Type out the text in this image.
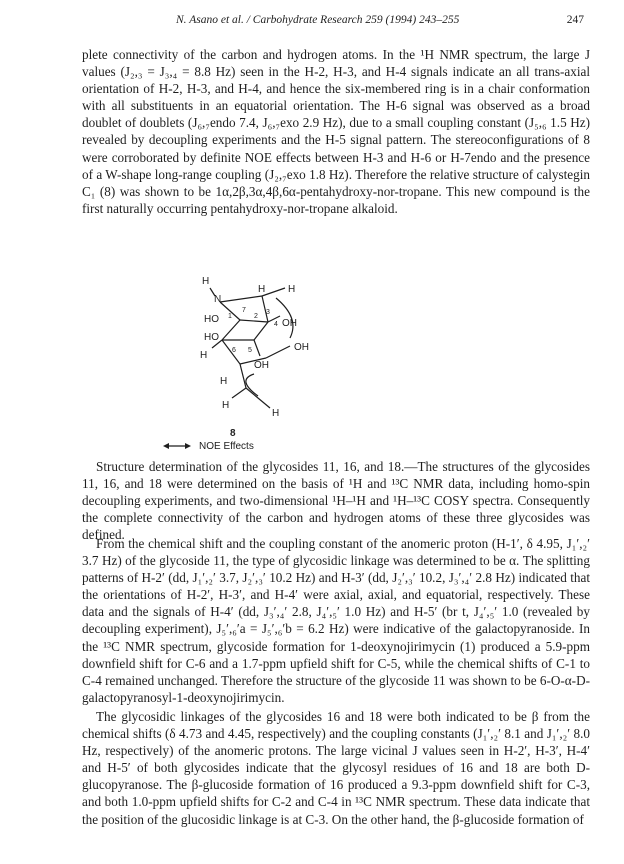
N. Asano et al. / Carbohydrate Research 259 (1994) 243–255	247

plete connectivity of the carbon and hydrogen atoms. In the ¹H NMR spectrum, the large J values (J₂,₃ = J₃,₄ = 8.8 Hz) seen in the H-2, H-3, and H-4 signals indicate an all trans-axial orientation of H-2, H-3, and H-4, and hence the six-membered ring is in a chair conformation with all substituents in an equatorial orientation. The H-6 signal was observed as a broad doublet of doublets (J₆,₇endo 7.4, J₆,₇exo 2.9 Hz), due to a small coupling constant (J₅,₆ 1.5 Hz) revealed by decoupling experiments and the H-5 signal pattern. The stereoconfigurations of 8 were corroborated by definite NOE effects between H-3 and H-6 or H-7endo and the presence of a W-shape long-range coupling (J₂,₇exo 1.8 Hz). Therefore the relative structure of calystegin C₁ (8) was shown to be 1α,2β,3α,4β,6α-pentahydroxy-nor-tropane. This new compound is the first naturally occurring pentahydroxy-nor-tropane alkaloid.

H
N
H H
HO 1
7
2
3
4 OH
HO
6 5
H
OH
OH
H
H
H
8
NOE Effects

Structure determination of the glycosides 11, 16, and 18.—The structures of the glycosides 11, 16, and 18 were determined on the basis of ¹H and ¹³C NMR data, including homo-spin decoupling experiments, and two-dimensional ¹H–¹H and ¹H–¹³C COSY spectra. Consequently the complete connectivity of the carbon and hydrogen atoms of these three glycosides was defined.

From the chemical shift and the coupling constant of the anomeric proton (H-1′, δ 4.95, J₁′,₂′ 3.7 Hz) of the glycoside 11, the type of glycosidic linkage was determined to be α. The splitting patterns of H-2′ (dd, J₁′,₂′ 3.7, J₂′,₃′ 10.2 Hz) and H-3′ (dd, J₂′,₃′ 10.2, J₃′,₄′ 2.8 Hz) indicated that the orientations of H-2′, H-3′, and H-4′ were axial, axial, and equatorial, respectively. These data and the signals of H-4′ (dd, J₃′,₄′ 2.8, J₄′,₅′ 1.0 Hz) and H-5′ (br t, J₄′,₅′ 1.0 (revealed by decoupling experiment), J₅′,₆′a = J₅′,₆′b = 6.2 Hz) were indicative of the galactopyranoside. In the ¹³C NMR spectrum, glycoside formation for 1-deoxynojirimycin (1) produced a 5.9-ppm downfield shift for C-6 and a 1.7-ppm upfield shift for C-5, while the chemical shifts of C-1 to C-4 remained unchanged. Therefore the structure of the glycoside 11 was shown to be 6-O-α-D-galactopyranosyl-1-deoxynojirimycin.

The glycosidic linkages of the glycosides 16 and 18 were both indicated to be β from the chemical shifts (δ 4.73 and 4.45, respectively) and the coupling constants (J₁′,₂′ 8.1 and J₁′,₂′ 8.0 Hz, respectively) of the anomeric protons. The large vicinal J values seen in H-2′, H-3′, H-4′ and H-5′ of both glycosides indicate that the glycosyl residues of 16 and 18 are both D-glucopyranose. The β-glucoside formation of 16 produced a 9.3-ppm downfield shift for C-3, and both 1.0-ppm upfield shifts for C-2 and C-4 in ¹³C NMR spectrum. These data indicate that the position of the glucosidic linkage is at C-3. On the other hand, the β-glucoside formation of
